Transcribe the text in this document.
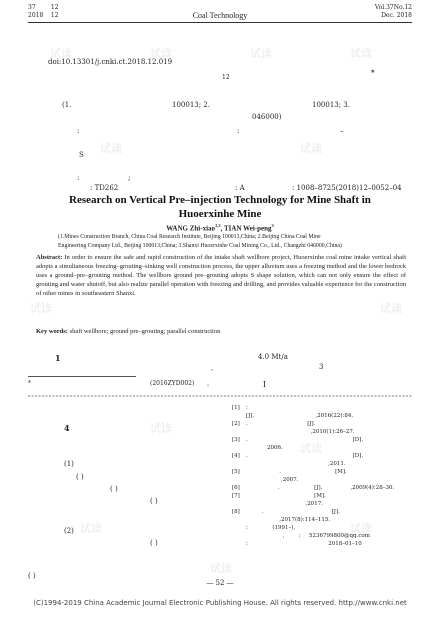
试读	试读	试读	试读
试读	试读
试读	试读
试读
试读
试读	试读
试读
37	12
2018 12	Coal Technology
Vol.37No.12
Dec. 2018
doi:10.13301/j.cnki.ct.2018.12.019
*
12
(1.	100013; 2.	100013; 3.
046000)
:	:	–
S
:	;
: TD262	: A	: 1008–8725(2018)12–0052–04
Research on Vertical Pre–injection Technology for Mine Shaft in
Huoerxinhe Mine
WANG Zhi-xiao$^{1,2}$, TIAN Wei-peng$^3$
(1.Mines Construction Branch, China Coal Research Institute, Beijing 100013,China; 2.Beijing China Coal Mine
Engineering Company Ltd., Beijing 100013,China; 3.Shanxi Huoerxinhe Coal Mining Co., Ltd., Changzhi 046000,China)
Abstract: In order to ensure the safe and rapid construction of the intake shaft wellbore project, Huoerxinhe coal mine intake vertical shaft adopts a simultaneous freezing–grouting–sinking well construction process, the upper alluvium uses a freezing method and the lower bedrock uses a ground–pre–grouting method. The wellbore ground pre–grouting adopts S shape solution, which can not only ensure the effect of grouting and water shutoff, but also realize parallel operation with freezing and drilling, and provides valuable experience for the construction of other mines in southeastern Shanxi.
Key words: shaft wellbore; ground pre–grouting; parallel construction
1	4.0 Mt/a
,	3
*	(2016ZYD002) :	I
4
(1)
( )
( )
( )
(2)
( )
( )
[1] :
[J].                                   ,2016(22):84.
[2] .                                  [J].
,2010(1):26–27.
[3] .                                                            [D].
2006.
[4] .                                                            [D].
,2011.
[5]                   .                               [M].
,2007.
[6]                  .                    [J].                ,2009(4):28–30.
[7]                                       [M].
,2017.
[8]         .                                       [J].
,2017(8):114–115.
:              (1991–),
,        :     5236799800@qq.com
:                                              2018–01–10
— 52 —
(C)1994-2019 China Academic Journal Electronic Publishing House. All rights reserved. http://www.cnki.net
